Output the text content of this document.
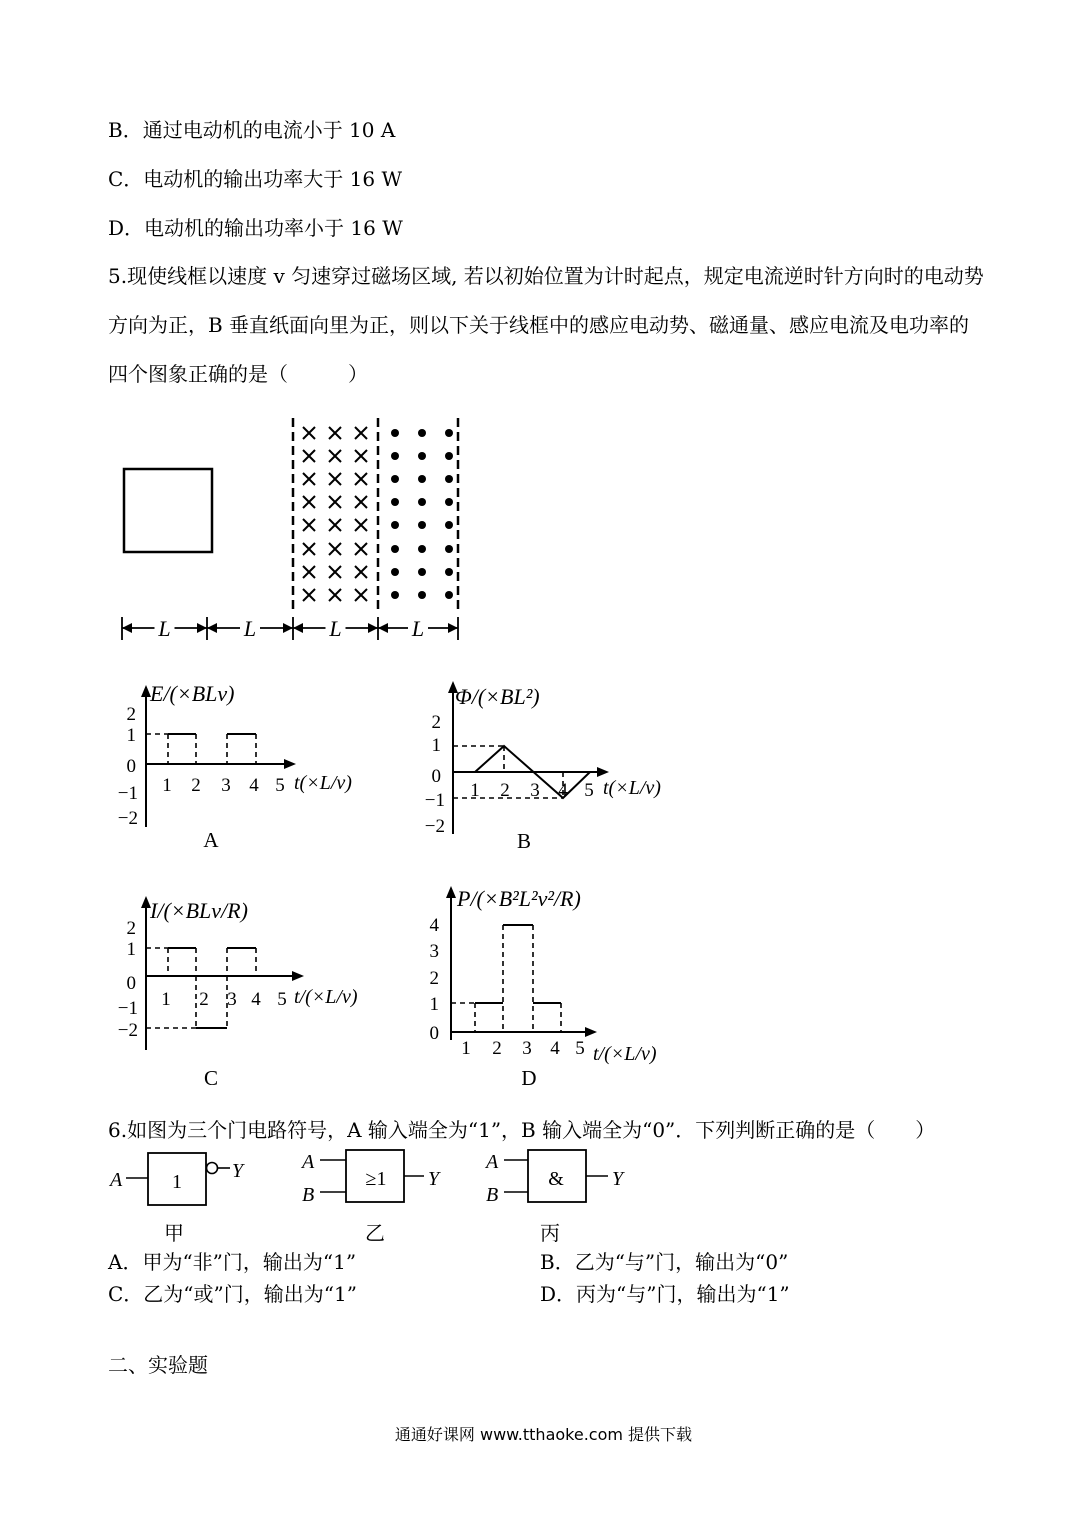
B．通过电动机的电流小于 10 A
C．电动机的输出功率大于 16 W
D．电动机的输出功率小于 16 W
5.现使线框以速度 v 匀速穿过磁场区域, 若以初始位置为计时起点，规定电流逆时针方向时的电动势方向为正，B 垂直纸面向里为正，则以下关于线框中的感应电动势、磁通量、感应电流及电功率的四个图象正确的是（　　　）
L	L	L	L
E/(×BLv)
t(×L/v)
2
1
0
−1
−2
1 2 3 4 5
A
Φ/(×BL²)
t(×L/v)
2
1
0
−1
−2
1 2 3 4 5
B
I/(×BLv/R)
t/(×L/v)
2
1
0
−1
−2
1 2 3 4 5
C
P/(×B²L²v²/R)
t/(×L/v)
4
3
2
1
0
1 2 3 4 5
D
6.如图为三个门电路符号，A 输入端全为“1”，B 输入端全为“0”．下列判断正确的是（　　）
A 1	Y
甲
A
B
≥1 Y
乙
A
B
& Y
丙
A．甲为“非”门，输出为“1”	B．乙为“与”门，输出为“0”
C．乙为“或”门，输出为“1”	D．丙为“与”门，输出为“1”
二、实验题
通通好课网 www.tthaoke.com 提供下载
